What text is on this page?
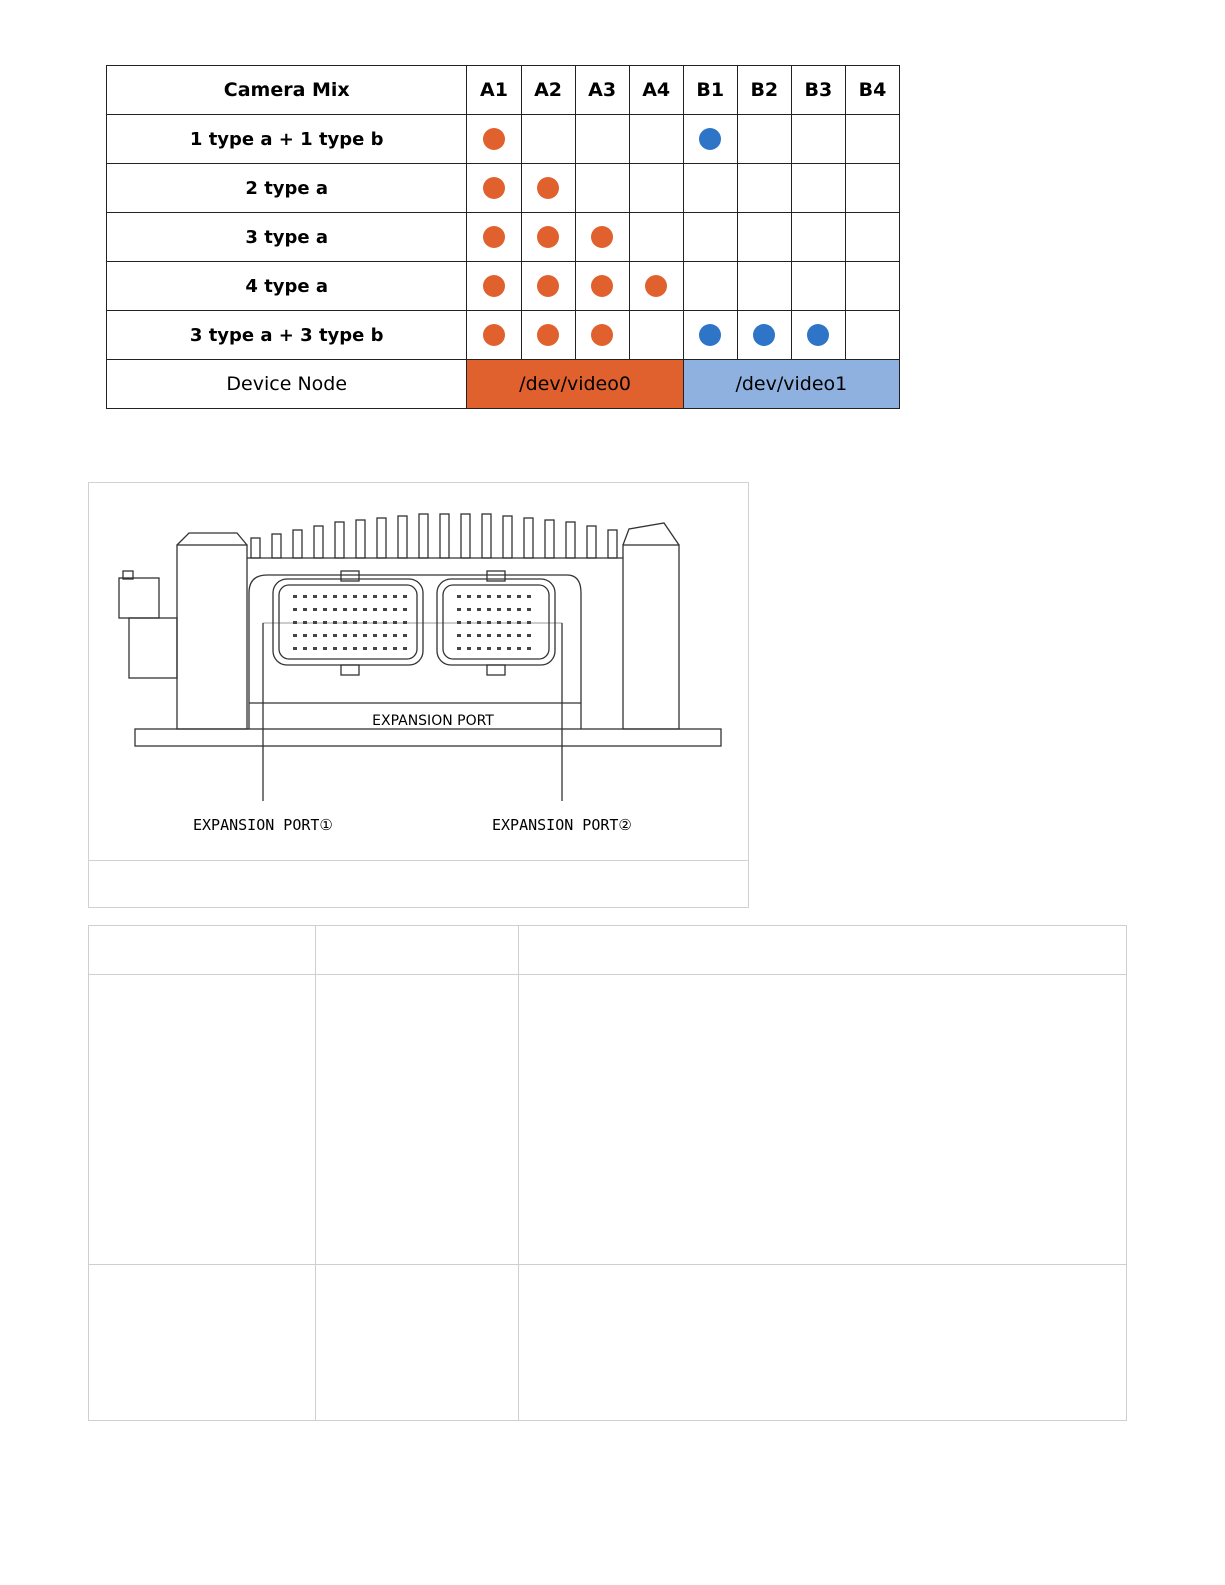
Camera Mix	A1	A2	A3	A4	B1	B2	B3	B4
1 type a + 1 type b								
2 type a								
3 type a								
4 type a								
3 type a + 3 type b								
Device Node	/dev/video0				/dev/video1			
EXPANSION PORT
EXPANSION PORT①	EXPANSION PORT②
